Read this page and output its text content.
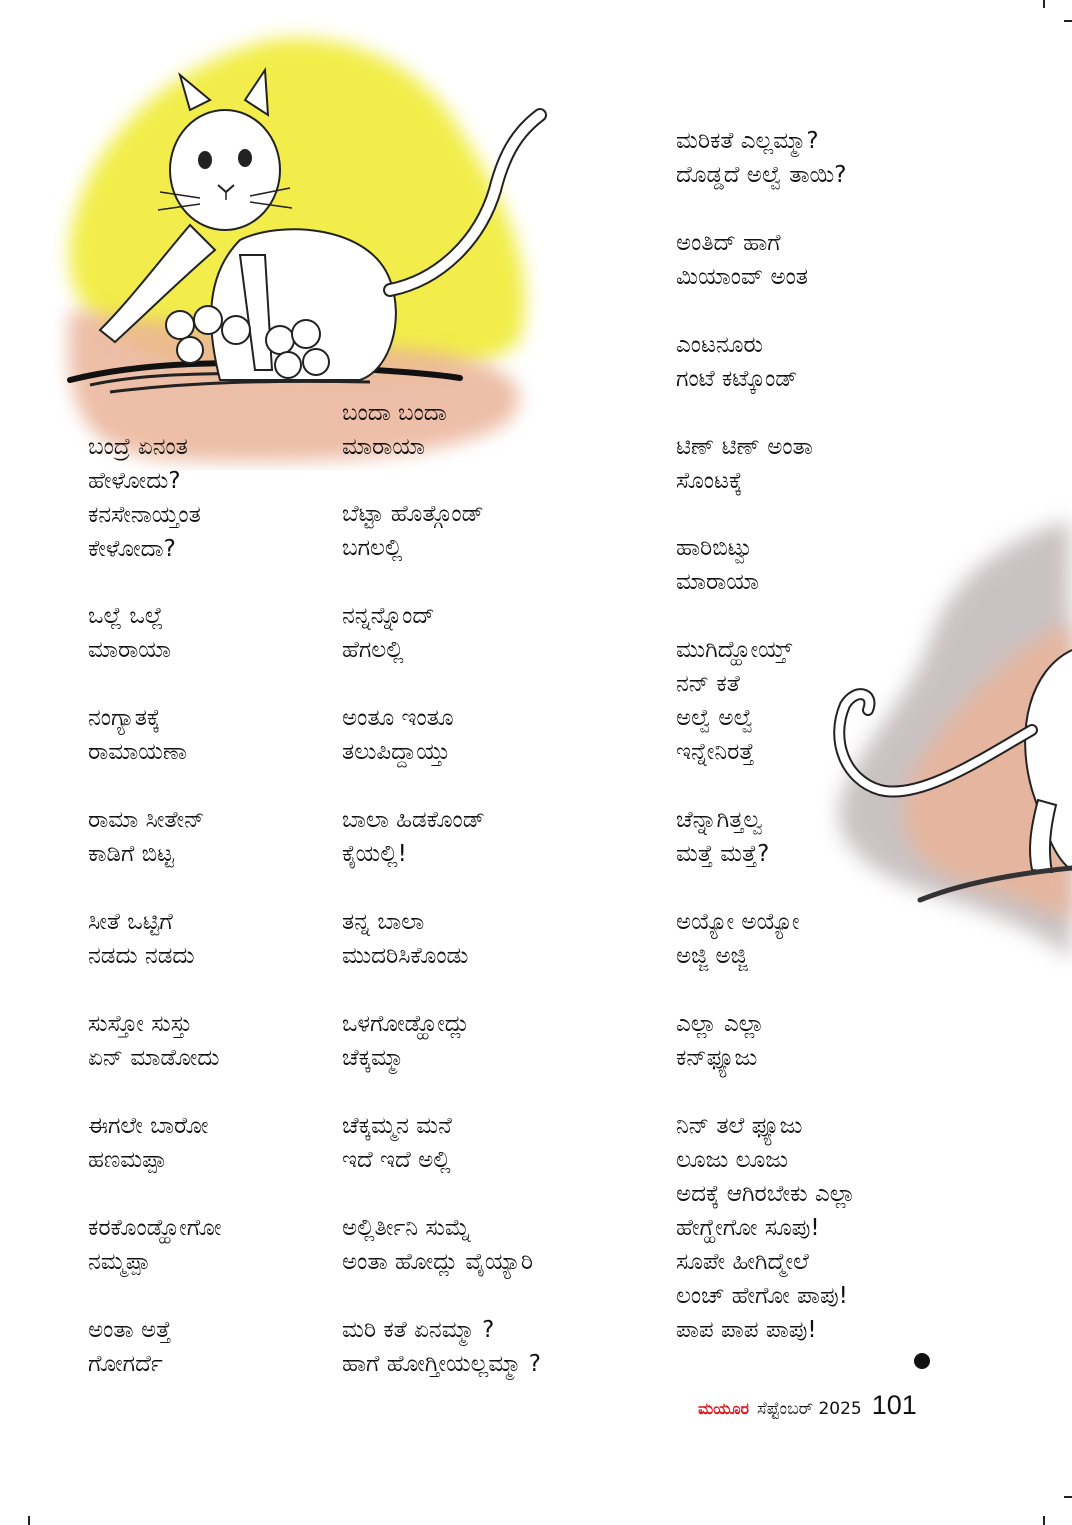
ಬಂದ್ರೆ ಏನಂತ
ಹೇಳೋದು?
ಕನಸೇನಾಯ್ತಂತ
ಕೇಳೋದಾ?
ಒಲ್ಲೆ ಒಲ್ಲೆ
ಮಾರಾಯಾ
ನಂಗ್ಯಾತಕ್ಕೆ
ರಾಮಾಯಣಾ
ರಾಮಾ ಸೀತೇನ್
ಕಾಡಿಗೆ ಬಿಟ್ಟ
ಸೀತೆ ಒಟ್ಟಿಗೆ
ನಡದು ನಡದು
ಸುಸ್ತೋ ಸುಸ್ತು
ಏನ್ ಮಾಡೋದು
ಈಗಲೇ ಬಾರೋ
ಹಣಮಪ್ಪಾ
ಕರಕೊಂಡ್ಹೋಗೋ
ನಮ್ಮಪ್ಪಾ
ಅಂತಾ ಅತ್ತೆ
ಗೋಗರ್ದೆ
ಬಂದಾ ಬಂದಾ
ಮಾರಾಯಾ
ಬೆಟ್ಟಾ ಹೊತ್ಗೊಂಡ್
ಬಗಲಲ್ಲಿ
ನನ್ನನ್ನೊಂದ್
ಹೆಗಲಲ್ಲಿ
ಅಂತೂ ಇಂತೂ
ತಲುಪಿದ್ದಾಯ್ತು
ಬಾಲಾ ಹಿಡಕೊಂಡ್
ಕೈಯಲ್ಲಿ!
ತನ್ನ ಬಾಲಾ
ಮುದರಿಸಿಕೊಂಡು
ಒಳಗೋಡ್ಹೋದ್ಲು
ಚೆಕ್ಕಮ್ಮಾ
ಚೆಕ್ಕಮ್ಮನ ಮನೆ
ಇದೆ ಇದೆ ಅಲ್ಲಿ
ಅಲ್ಲಿರ್ತೀನಿ ಸುಮ್ನೆ
ಅಂತಾ ಹೋದ್ಲು ವೈಯ್ಯಾರಿ
ಮರಿ ಕತೆ ಏನಮ್ಮಾ ?
ಹಾಗೆ ಹೋಗ್ತೀಯಲ್ಲಮ್ಮಾ ?
ಮರಿಕತೆ ಎಲ್ಲಮ್ಮಾ?
ದೊಡ್ಡದೆ ಅಲ್ವೆ ತಾಯಿ?
ಅಂತಿದ್ ಹಾಗೆ
ಮಿಯಾಂವ್ ಅಂತ
ಎಂಟನೂರು
ಗಂಟೆ ಕಟ್ಕೊಂಡ್
ಟಿಣ್ ಟಿಣ್ ಅಂತಾ
ಸೊಂಟಕ್ಕೆ
ಹಾರಿಬಿಟ್ವು
ಮಾರಾಯಾ
ಮುಗಿದ್ಹೋಯ್ತ್
ನನ್ ಕತೆ
ಅಲ್ವೆ ಅಲ್ವೆ
ಇನ್ನೇನಿರತ್ತೆ
ಚೆನ್ನಾಗಿತ್ತಲ್ವ
ಮತ್ತೆ ಮತ್ತೆ?
ಅಯ್ಯೋ ಅಯ್ಯೋ
ಅಜ್ಜಿ ಅಜ್ಜಿ
ಎಲ್ಲಾ ಎಲ್ಲಾ
ಕನ್‌ಫ್ಯೂಜು
ನಿನ್ ತಲೆ ಫ್ಯೂಜು
ಲೂಜು ಲೂಜು
ಅದಕ್ಕೆ ಆಗಿರಬೇಕು ಎಲ್ಲಾ
ಹೇಗ್ಹೇಗೋ ಸೂಪು!
ಸೂಪೇ ಹೀಗಿದ್ಮೇಲೆ
ಲಂಚ್ ಹೇಗೋ ಪಾಪು!
ಪಾಪ ಪಾಪ ಪಾಪು!
ಮಯೂರ ಸೆಪ್ಟೆಂಬರ್ 2025 101
